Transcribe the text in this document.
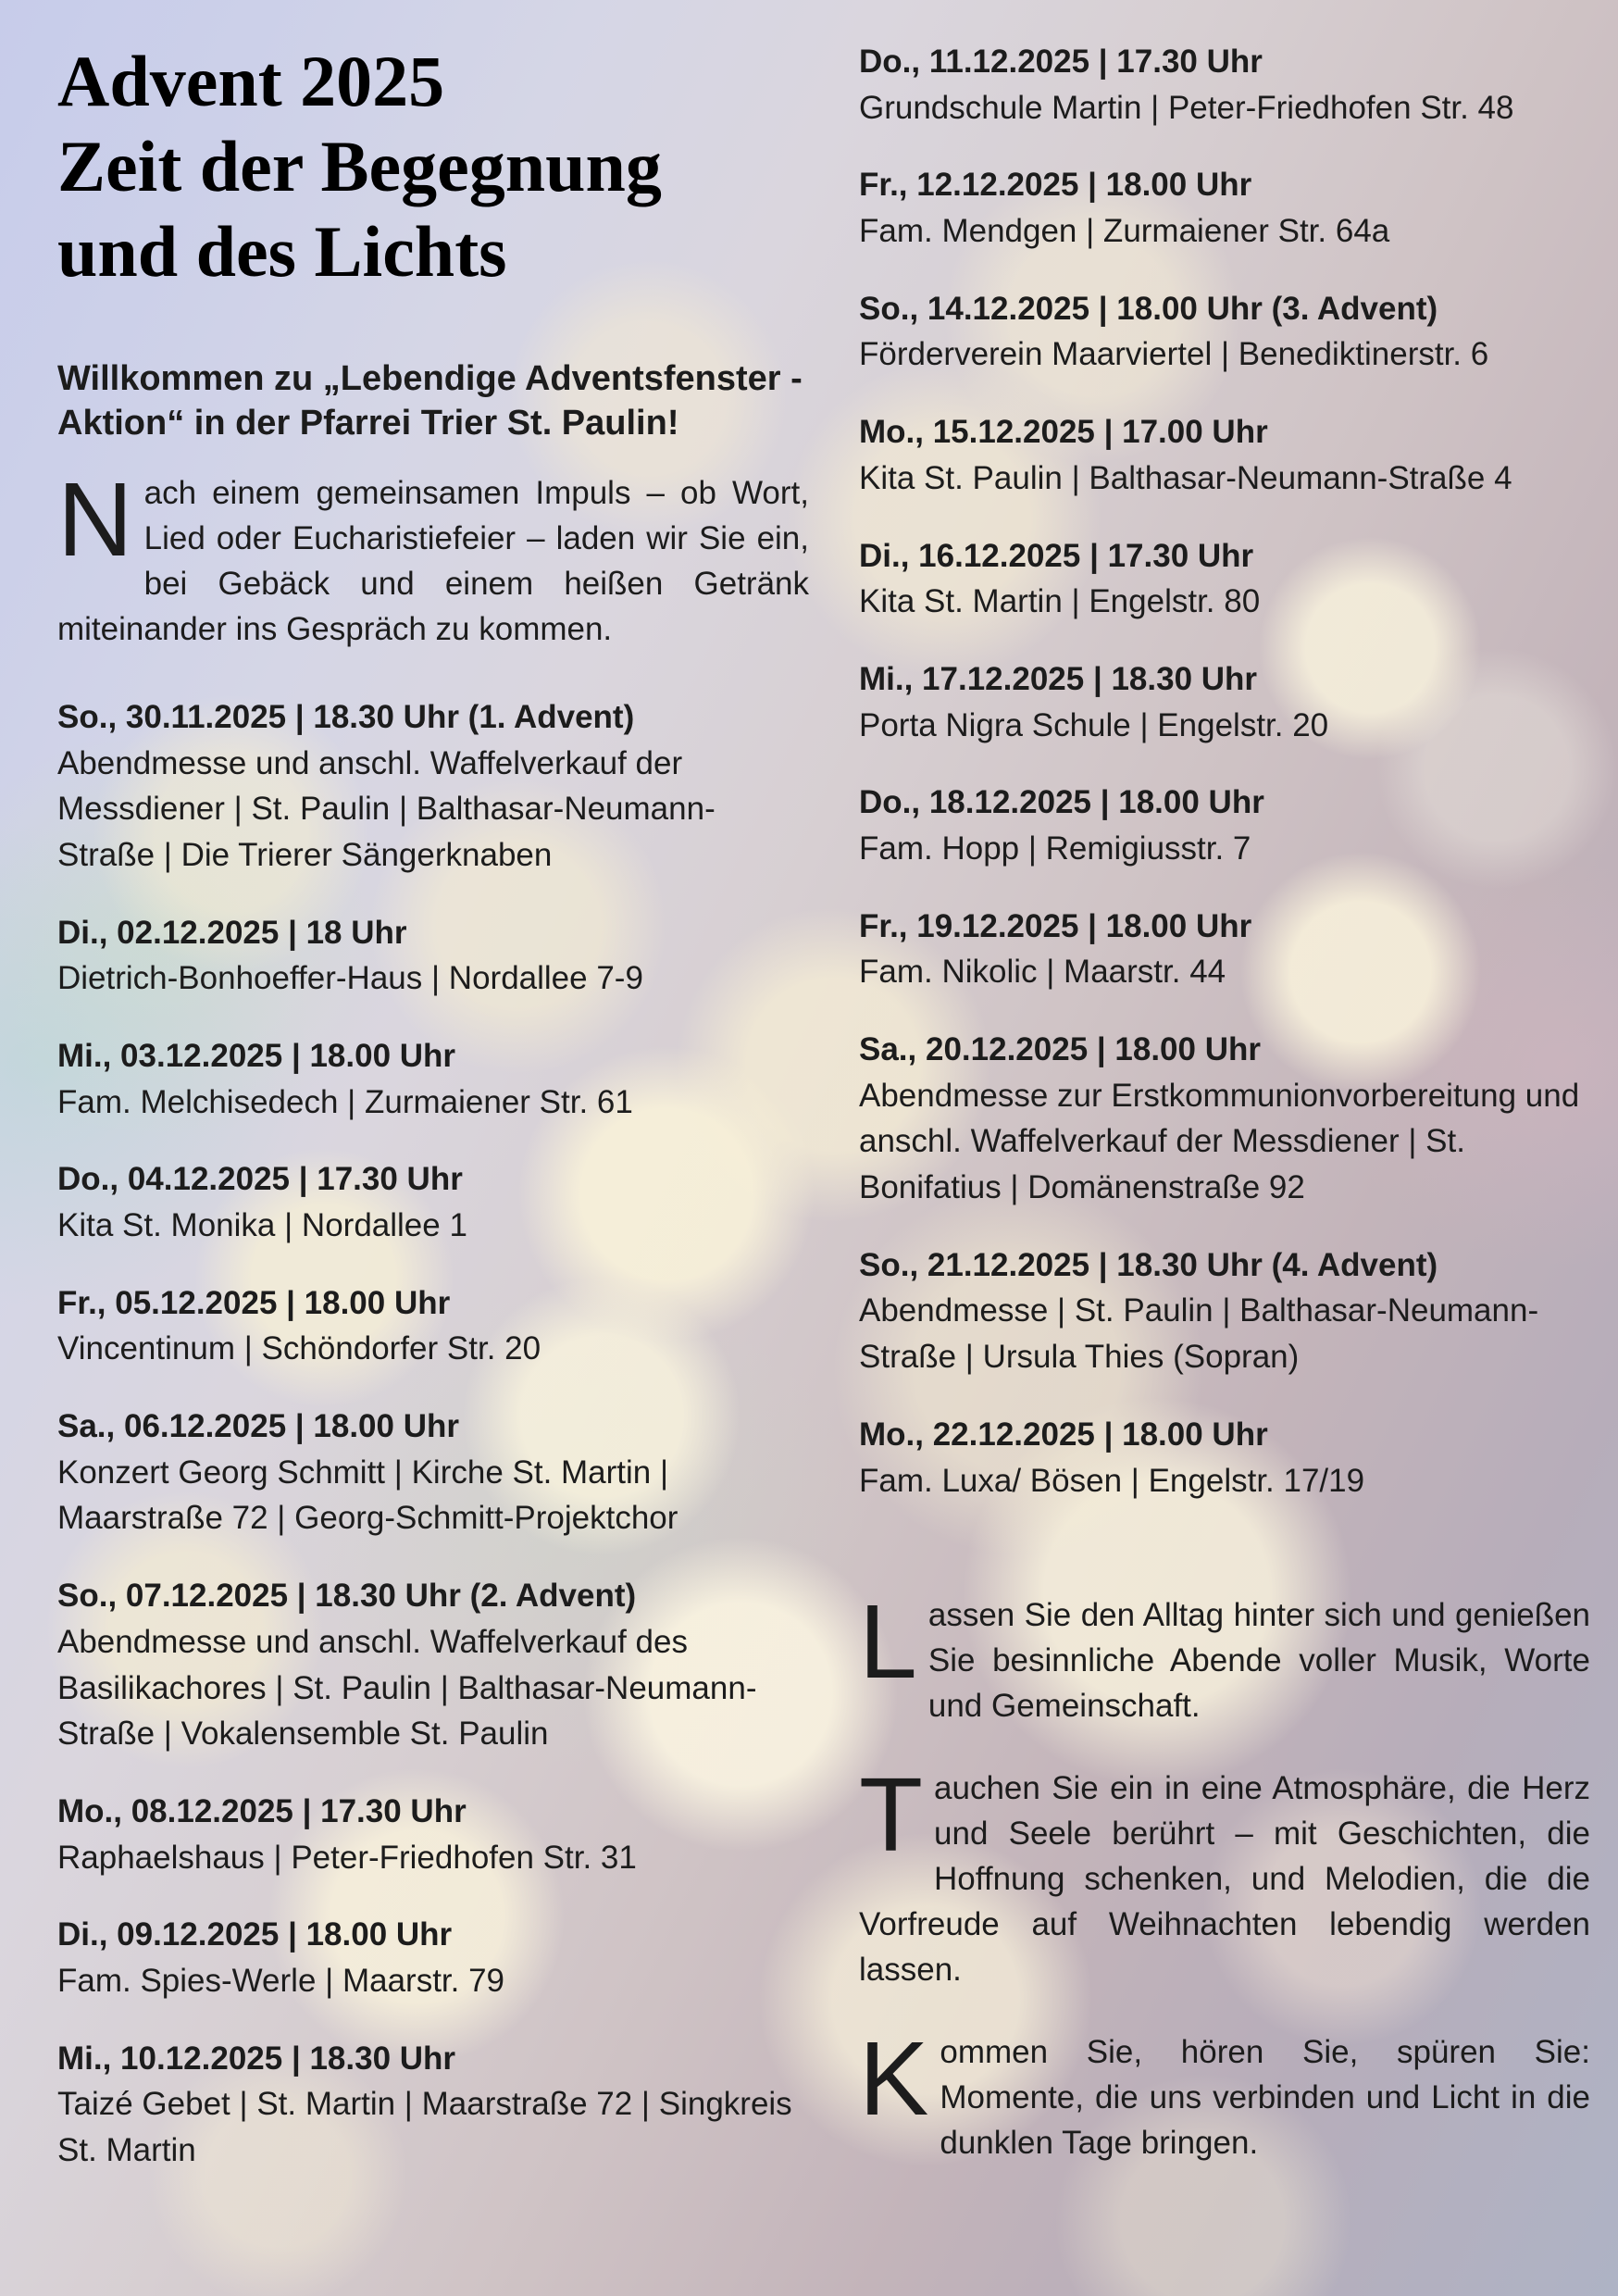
Advent 2025
Zeit der Begegnung
und des Lichts

Willkommen zu „Lebendige Adventsfenster - Aktion“ in der Pfarrei Trier St. Paulin!

Nach einem gemeinsamen Impuls – ob Wort, Lied oder Eucharistiefeier – laden wir Sie ein, bei Gebäck und einem heißen Getränk miteinander ins Gespräch zu kommen.

So., 30.11.2025 | 18.30 Uhr (1. Advent)
Abendmesse und anschl. Waffelverkauf der Messdiener | St. Paulin | Balthasar-Neumann-Straße | Die Trierer Sängerknaben
Di., 02.12.2025 | 18 Uhr
Dietrich-Bonhoeffer-Haus | Nordallee 7-9
Mi., 03.12.2025 | 18.00 Uhr
Fam. Melchisedech | Zurmaiener Str. 61
Do., 04.12.2025 | 17.30 Uhr
Kita St. Monika | Nordallee 1
Fr., 05.12.2025 | 18.00 Uhr
Vincentinum | Schöndorfer Str. 20
Sa., 06.12.2025 | 18.00 Uhr
Konzert Georg Schmitt | Kirche St. Martin | Maarstraße 72 | Georg-Schmitt-Projektchor
So., 07.12.2025 | 18.30 Uhr (2. Advent)
Abendmesse und anschl. Waffelverkauf des Basilikachores | St. Paulin | Balthasar-Neumann-Straße | Vokalensemble St. Paulin
Mo., 08.12.2025 | 17.30 Uhr
Raphaelshaus | Peter-Friedhofen Str. 31
Di., 09.12.2025 | 18.00 Uhr
Fam. Spies-Werle | Maarstr. 79
Mi., 10.12.2025 | 18.30 Uhr
Taizé Gebet | St. Martin | Maarstraße 72 | Singkreis St. Martin
Do., 11.12.2025 | 17.30 Uhr
Grundschule Martin | Peter-Friedhofen Str. 48
Fr., 12.12.2025 | 18.00 Uhr
Fam. Mendgen | Zurmaiener Str. 64a
So., 14.12.2025 | 18.00 Uhr (3. Advent)
Förderverein Maarviertel | Benediktinerstr. 6
Mo., 15.12.2025 | 17.00 Uhr
Kita St. Paulin | Balthasar-Neumann-Straße 4
Di., 16.12.2025 | 17.30 Uhr
Kita St. Martin | Engelstr. 80
Mi., 17.12.2025 | 18.30 Uhr
Porta Nigra Schule | Engelstr. 20
Do., 18.12.2025 | 18.00 Uhr
Fam. Hopp | Remigiusstr. 7
Fr., 19.12.2025 | 18.00 Uhr
Fam. Nikolic | Maarstr. 44
Sa., 20.12.2025 | 18.00 Uhr
Abendmesse zur Erstkommunionvorbereitung und anschl. Waffelverkauf der Messdiener | St. Bonifatius | Domänenstraße 92
So., 21.12.2025 | 18.30 Uhr (4. Advent)
Abendmesse | St. Paulin | Balthasar-Neumann-Straße | Ursula Thies (Sopran)
Mo., 22.12.2025 | 18.00 Uhr
Fam. Luxa/ Bösen | Engelstr. 17/19

Lassen Sie den Alltag hinter sich und genießen Sie besinnliche Abende voller Musik, Worte und Gemeinschaft.

Tauchen Sie ein in eine Atmosphäre, die Herz und Seele berührt – mit Geschichten, die Hoffnung schenken, und Melodien, die die Vorfreude auf Weihnachten lebendig werden lassen.

Kommen Sie, hören Sie, spüren Sie: Momente, die uns verbinden und Licht in die dunklen Tage bringen.
